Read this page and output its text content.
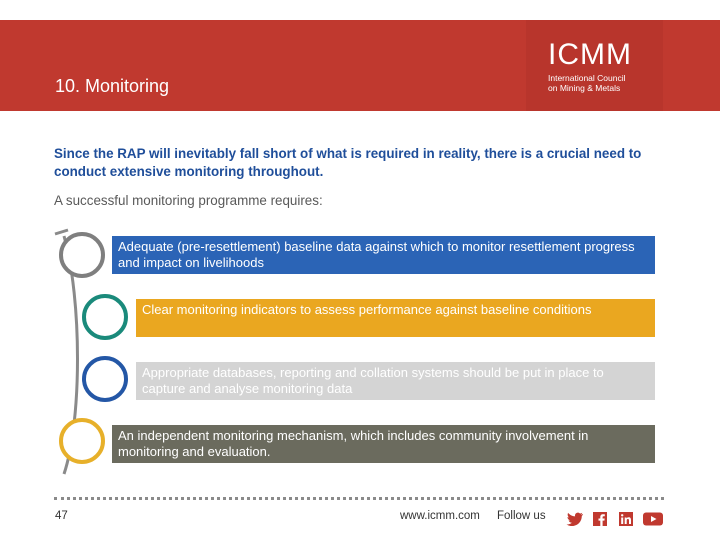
10. Monitoring
ICMM
International Council
on Mining & Metals
Since the RAP will inevitably fall short of what is required in reality, there is a crucial need to conduct extensive monitoring throughout.
A successful monitoring programme requires:
Adequate (pre-resettlement) baseline data against which to monitor resettlement progress and impact on livelihoods
Clear monitoring indicators to assess performance against baseline conditions
Appropriate databases, reporting and collation systems should be put in place to capture and analyse monitoring data
An independent monitoring mechanism, which includes community involvement in monitoring and evaluation.
47	www.icmm.com Follow us
